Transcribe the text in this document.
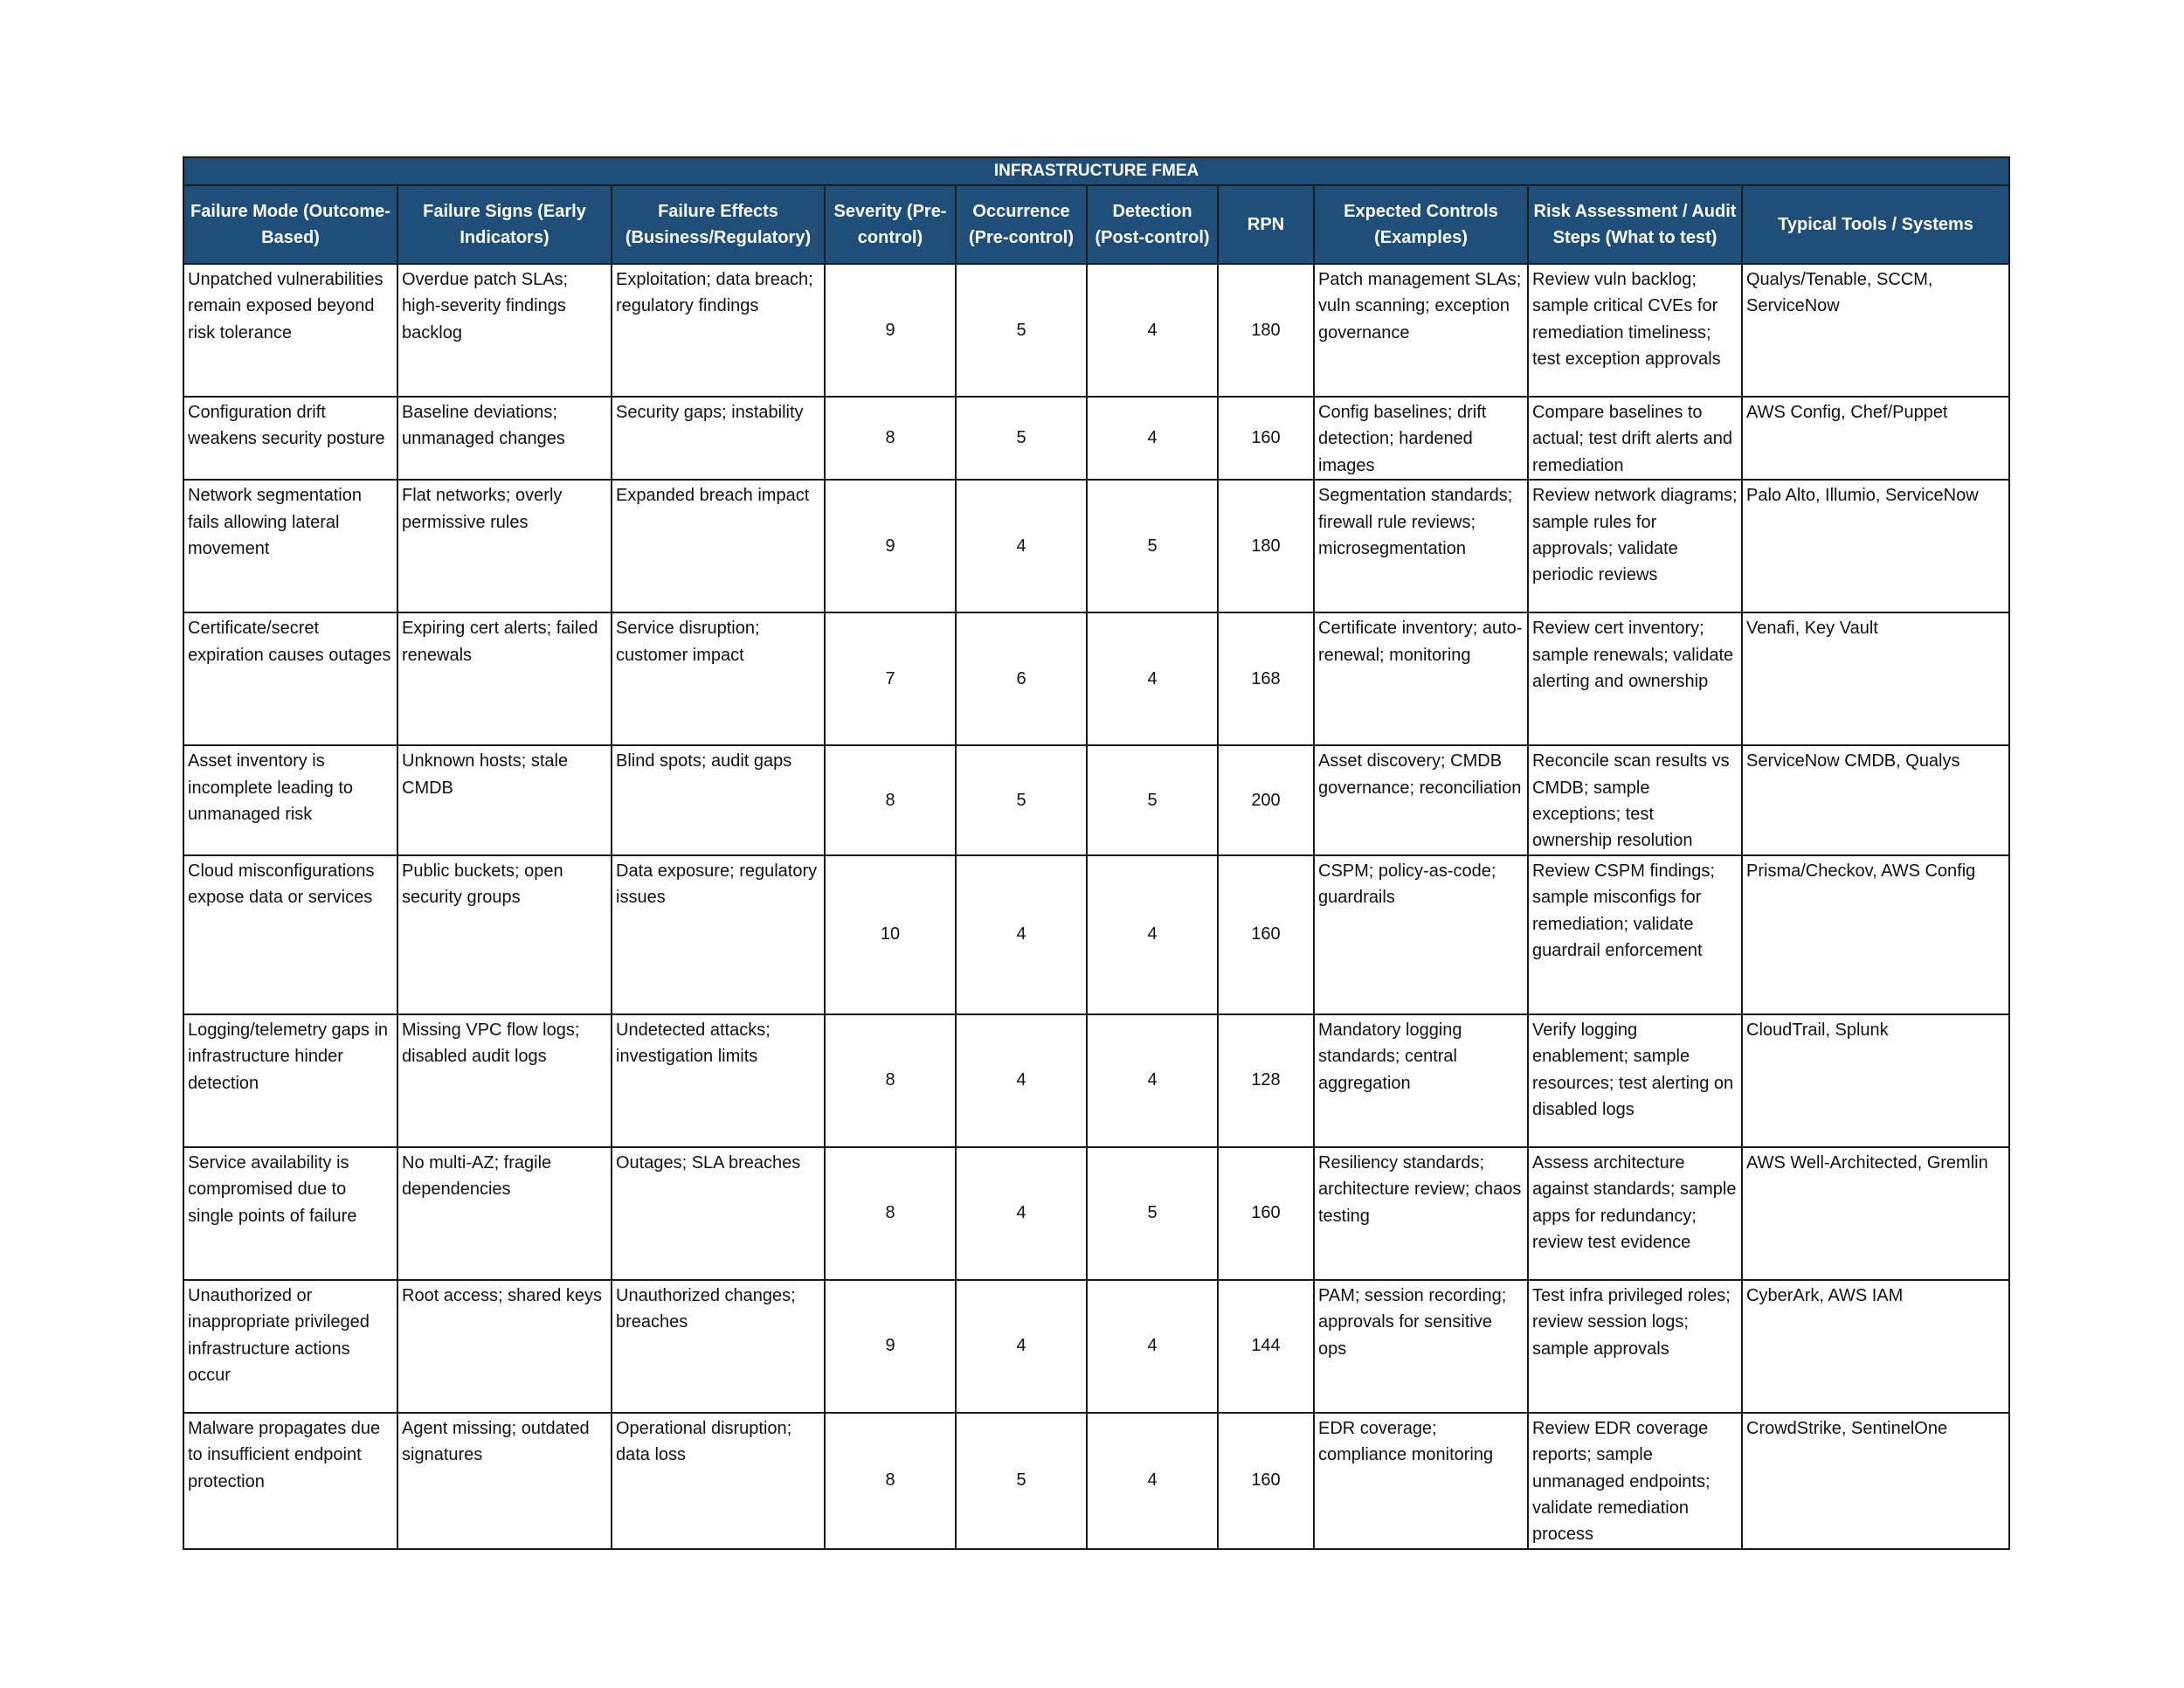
INFRASTRUCTURE FMEA									
Failure Mode (Outcome-Based)	Failure Signs (Early Indicators)	Failure Effects (Business/Regulatory)	Severity (Pre-control)	Occurrence (Pre-control)	Detection (Post-control)	RPN	Expected Controls (Examples)	Risk Assessment / Audit Steps (What to test)	Typical Tools / Systems
Unpatched vulnerabilities remain exposed beyond risk tolerance	Overdue patch SLAs; high-severity findings backlog	Exploitation; data breach; regulatory findings	9	5	4	180	Patch management SLAs; vuln scanning; exception governance	Review vuln backlog; sample critical CVEs for remediation timeliness; test exception approvals	Qualys/Tenable, SCCM, ServiceNow
Configuration drift weakens security posture	Baseline deviations; unmanaged changes	Security gaps; instability	8	5	4	160	Config baselines; drift detection; hardened images	Compare baselines to actual; test drift alerts and remediation	AWS Config, Chef/Puppet
Network segmentation fails allowing lateral movement	Flat networks; overly permissive rules	Expanded breach impact	9	4	5	180	Segmentation standards; firewall rule reviews; microsegmentation	Review network diagrams; sample rules for approvals; validate periodic reviews	Palo Alto, Illumio, ServiceNow
Certificate/secret expiration causes outages	Expiring cert alerts; failed renewals	Service disruption; customer impact	7	6	4	168	Certificate inventory; auto-renewal; monitoring	Review cert inventory; sample renewals; validate alerting and ownership	Venafi, Key Vault
Asset inventory is incomplete leading to unmanaged risk	Unknown hosts; stale CMDB	Blind spots; audit gaps	8	5	5	200	Asset discovery; CMDB governance; reconciliation	Reconcile scan results vs CMDB; sample exceptions; test ownership resolution	ServiceNow CMDB, Qualys
Cloud misconfigurations expose data or services	Public buckets; open security groups	Data exposure; regulatory issues	10	4	4	160	CSPM; policy-as-code; guardrails	Review CSPM findings; sample misconfigs for remediation; validate guardrail enforcement	Prisma/Checkov, AWS Config
Logging/telemetry gaps in infrastructure hinder detection	Missing VPC flow logs; disabled audit logs	Undetected attacks; investigation limits	8	4	4	128	Mandatory logging standards; central aggregation	Verify logging enablement; sample resources; test alerting on disabled logs	CloudTrail, Splunk
Service availability is compromised due to single points of failure	No multi-AZ; fragile dependencies	Outages; SLA breaches	8	4	5	160	Resiliency standards; architecture review; chaos testing	Assess architecture against standards; sample apps for redundancy; review test evidence	AWS Well-Architected, Gremlin
Unauthorized or inappropriate privileged infrastructure actions occur	Root access; shared keys	Unauthorized changes; breaches	9	4	4	144	PAM; session recording; approvals for sensitive ops	Test infra privileged roles; review session logs; sample approvals	CyberArk, AWS IAM
Malware propagates due to insufficient endpoint protection	Agent missing; outdated signatures	Operational disruption; data loss	8	5	4	160	EDR coverage; compliance monitoring	Review EDR coverage reports; sample unmanaged endpoints; validate remediation process	CrowdStrike, SentinelOne
